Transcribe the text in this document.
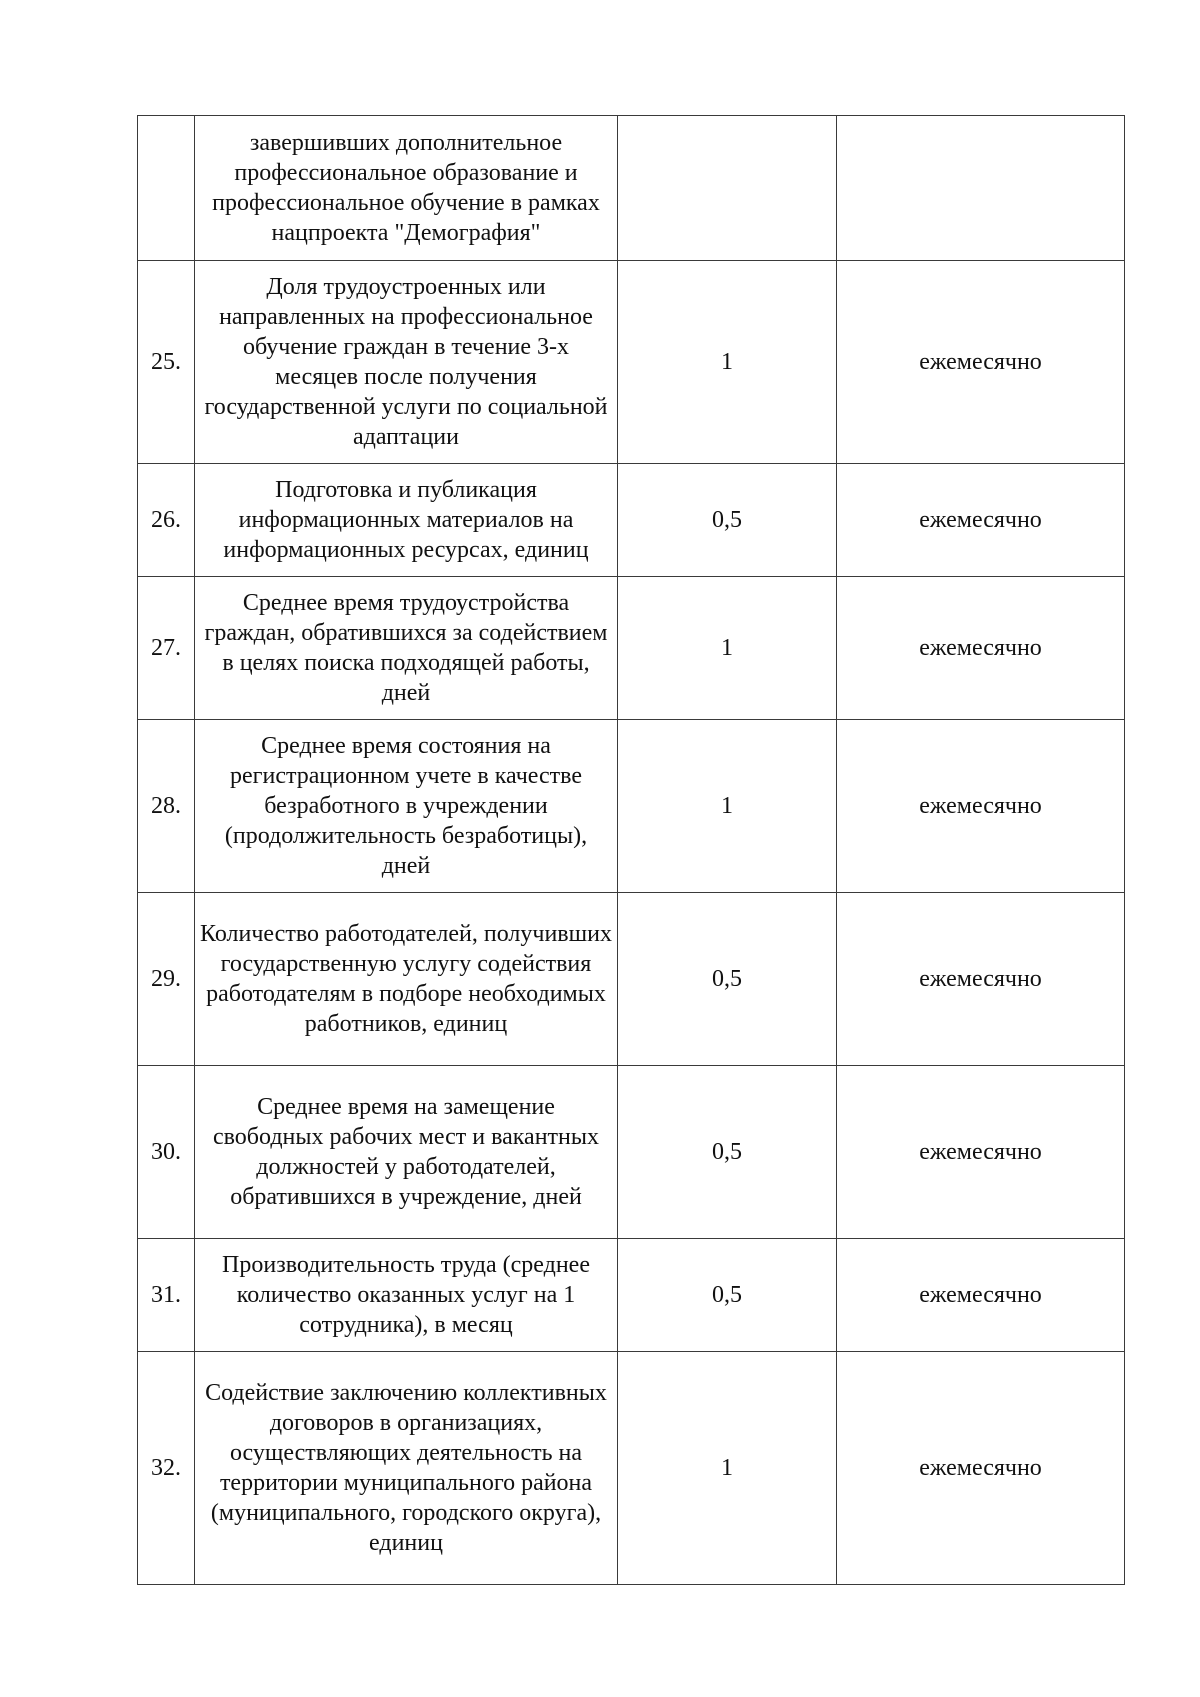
	завершивших дополнительное профессиональное образование и профессиональное обучение в рамках нацпроекта "Демография"		
25.	Доля трудоустроенных или направленных на профессиональное обучение граждан в течение 3-х месяцев после получения государственной услуги по социальной адаптации	1	ежемесячно
26.	Подготовка и публикация информационных материалов на информационных ресурсах, единиц	0,5	ежемесячно
27.	Среднее время трудоустройства граждан, обратившихся за содействием в целях поиска подходящей работы, дней	1	ежемесячно
28.	Среднее время состояния на регистрационном учете в качестве безработного в учреждении (продолжительность безработицы), дней	1	ежемесячно
29.	Количество работодателей, получивших государственную услугу содействия работодателям в подборе необходимых работников, единиц	0,5	ежемесячно
30.	Среднее время на замещение свободных рабочих мест и вакантных должностей у работодателей, обратившихся в учреждение, дней	0,5	ежемесячно
31.	Производительность труда (среднее количество оказанных услуг на 1 сотрудника), в месяц	0,5	ежемесячно
32.	Содействие заключению коллективных договоров в организациях, осуществляющих деятельность на территории муниципального района (муниципального, городского округа), единиц	1	ежемесячно
